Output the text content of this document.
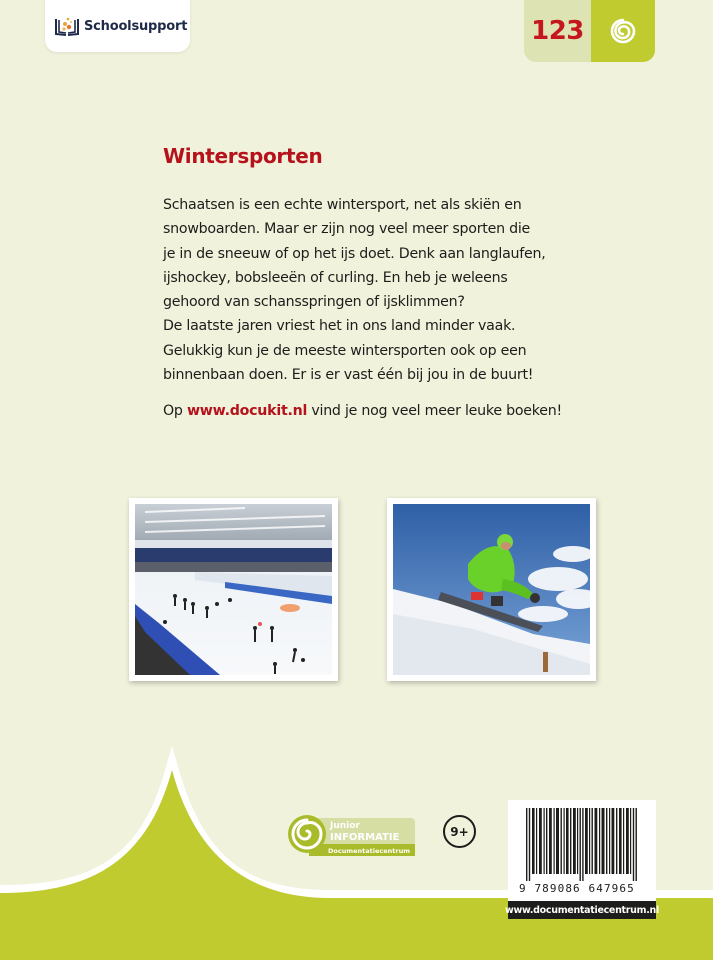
Schoolsupport	123
Wintersporten
Schaatsen is een echte wintersport, net als skiën en
snowboarden. Maar er zijn nog veel meer sporten die
je in de sneeuw of op het ijs doet. Denk aan langlaufen,
ijshockey, bobsleeën of curling. En heb je weleens
gehoord van schansspringen of ijsklimmen?
De laatste jaren vriest het in ons land minder vaak.
Gelukkig kun je de meeste wintersporten ook op een
binnenbaan doen. Er is er vast één bij jou in de buurt!
Op www.docukit.nl vind je nog veel meer leuke boeken!
Junior
INFORMATIE
Documentatiecentrum
9+
9 789086 647965
www.documentatiecentrum.nl
